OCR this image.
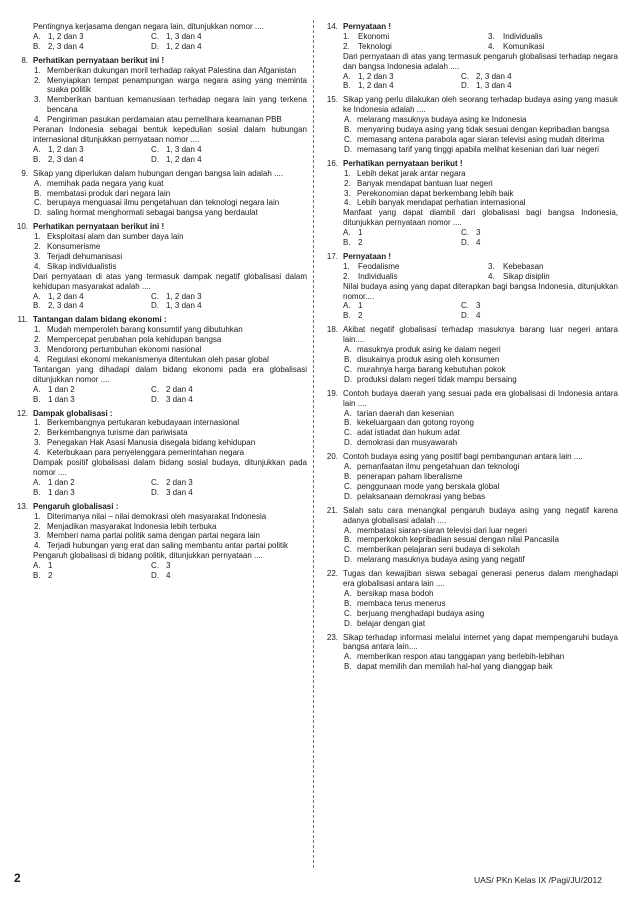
Pentingnya kerjasama dengan negara lain, ditunjukkan nomor ....
A. 1, 2 dan 3	C. 1, 3 dan 4
B. 2, 3 dan 4	D. 1, 2 dan 4
8. Perhatikan pernyataan berikut ini !
1. Memberikan dukungan moril terhadap rakyat Palestina dan Afganistan
2. Menyiapkan tempat penampungan warga negara asing yang meminta suaka politik
3. Memberikan bantuan kemanusiaan terhadap negara lain yang terkena bencana
4. Pengiriman pasukan perdamaian atau pemelihara keamanan PBB
Peranan Indonesia sebagai bentuk kepedulian sosial dalam hubungan internasional ditunjukkan pernyataan nomor ....
A. 1, 2 dan 3	C. 1, 3 dan 4
B. 2, 3 dan 4	D. 1, 2 dan 4
9. Sikap yang diperlukan dalam hubungan dengan bangsa lain adalah ....
A. memihak pada negara yang kuat
B. membatasi produk dari negara lain
C. berupaya menguasai ilmu pengetahuan dan teknologi negara lain
D. saling hormat menghormati sebagai bangsa yang berdaulat
10. Perhatikan pernyataan berikut ini !
1. Eksploitasi alam dan sumber daya lain
2. Konsumerisme
3. Terjadi dehumanisasi
4. Sikap individualistis
Dari pernyataan di atas yang termasuk dampak negatif globalisasi dalam kehidupan masyarakat adalah ....
A. 1, 2 dan 4	C. 1, 2 dan 3
B. 2, 3 dan 4	D. 1, 3 dan 4
11. Tantangan dalam bidang ekonomi :
1. Mudah memperoleh barang konsumtif yang dibutuhkan
2. Mempercepat perubahan pola kehidupan bangsa
3. Mendorong pertumbuhan ekonomi nasional
4. Regulasi ekonomi mekanismenya ditentukan oleh pasar global
Tantangan yang dihadapi dalam bidang ekonomi pada era globalisasi ditunjukkan nomor ....
A. 1 dan 2	C. 2 dan 4
B. 1 dan 3	D. 3 dan 4
12. Dampak globalisasi :
1. Berkembangnya pertukaran kebudayaan internasional
2. Berkembangnya turisme dan pariwisata
3. Penegakan Hak Asasi Manusia disegala bidang kehidupan
4. Keterbukaan para penyelenggara pemerintahan negara
Dampak positif globalisasi dalam bidang sosial budaya, ditunjukkan pada nomor ....
A. 1 dan 2	C. 2 dan 3
B. 1 dan 3	D. 3 dan 4
13. Pengaruh globalisasi :
1. Diterimanya nilai – nilai demokrasi oleh masyarakat Indonesia
2. Menjadikan masyarakat Indonesia lebih terbuka
3. Memberi nama partai politik sama dengan partai negara lain
4. Terjadi hubungan yang erat dan saling membantu antar partai politik
Pengaruh globalisasi di bidang politik, ditunjukkan pernyataan ....
A. 1	C. 3
B. 2	D. 4
14. Pernyataan !
1.	Ekonomi
2.	Teknologi
3.	Individualis
4.	Komunikasi
Dari pernyataan di atas yang termasuk pengaruh globalisasi terhadap negara dan bangsa Indonesia adalah ....
A. 1, 2 dan 3	C. 2, 3 dan 4
B. 1, 2 dan 4	D. 1, 3 dan 4
15. Sikap yang perlu dilakukan oleh seorang terhadap budaya asing yang masuk ke Indonesia adalah ....
A. melarang masuknya budaya asing ke Indonesia
B. menyaring budaya asing yang tidak sesuai dengan kepribadian bangsa
C. memasang antena parabola agar siaran televisi asing mudah diterima
D. memasang tarif yang tinggi apabila melihat kesenian dari luar negeri
16. Perhatikan pernyataan berikut !
1. Lebih dekat jarak antar negara
2. Banyak mendapat bantuan luar negeri
3. Perekonomian dapat berkembang lebih baik
4. Lebih banyak mendapat perhatian internasional
Manfaat yang dapat diambil dari globalisasi bagi bangsa Indonesia, ditunjukkan pernyataan nomor ....
A. 1	C. 3
B. 2	D. 4
17. Pernyataan !
1.	Feodalisme
2.	Individualis
3.	Kebebasan
4.	Sikap disiplin
Nilai budaya asing yang dapat diterapkan bagi bangsa Indonesia, ditunjukkan nomor....
A. 1	C. 3
B. 2	D. 4
18. Akibat negatif globalisasi terhadap masuknya barang luar negeri antara lain....
A. masuknya produk asing ke dalam negeri
B. disukainya produk asing oleh konsumen
C. murahnya harga barang kebutuhan pokok
D. produksi dalam negeri tidak mampu bersaing
19. Contoh budaya daerah yang sesuai pada era globalisasi di Indonesia antara lain ....
A. tarian daerah dan kesenian
B. kekeluargaan dan gotong royong
C. adat istiadat dan hukum adat
D. demokrasi dan musyawarah
20. Contoh budaya asing yang positif bagi pembangunan antara lain ....
A. pemanfaatan ilmu pengetahuan dan teknologi
B. penerapan paham liberalisme
C. penggunaan mode yang berskala global
D. pelaksanaan demokrasi yang bebas
21. Salah satu cara menangkal pengaruh budaya asing yang negatif karena adanya globalisasi adalah ....
A. membatasi siaran-siaran televisi dari luar negeri
B. memperkokoh kepribadian sesuai dengan nilai Pancasila
C. memberikan pelajaran seni budaya di sekolah
D. melarang masuknya budaya asing yang negatif
22. Tugas dan kewajiban siswa sebagai generasi penerus dalam menghadapi era globalisasi antara lain ....
A. bersikap masa bodoh
B. membaca terus menerus
C. berjuang menghadapi budaya asing
D. belajar dengan giat
23. Sikap terhadap informasi melalui internet yang dapat mempengaruhi budaya bangsa antara lain....
A. memberikan respon atau tanggapan yang berlebih-lebihan
B. dapat memilih dan memilah hal-hal yang dianggap baik
2	UAS/ PKn Kelas IX /Pagi/JU/2012
